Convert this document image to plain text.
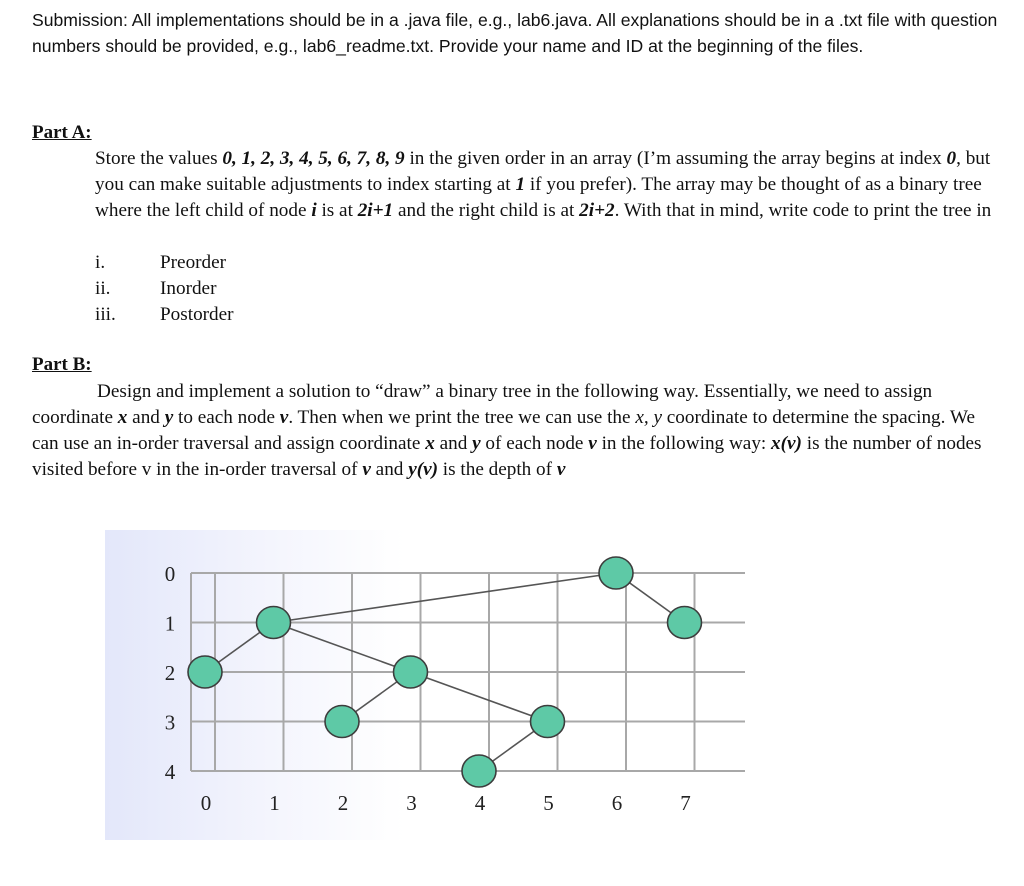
Submission: All implementations should be in a .java file, e.g., lab6.java. All explanations should be in a .txt file with question numbers should be provided, e.g., lab6_readme.txt. Provide your name and ID at the beginning of the files.

Part A:

Store the values 0, 1, 2, 3, 4, 5, 6, 7, 8, 9 in the given order in an array (I’m assuming the array begins at index 0, but you can make suitable adjustments to index starting at 1 if you prefer). The array may be thought of as a binary tree where the left child of node i is at 2i+1 and the right child is at 2i+2. With that in mind, write code to print the tree in

i.	Preorder
ii.	Inorder
iii. Postorder

Part B:

Design and implement a solution to “draw” a binary tree in the following way. Essentially, we need to assign coordinate x and y to each node v. Then when we print the tree we can use the x, y coordinate to determine the spacing. We can use an in-order traversal and assign coordinate x and y of each node v in the following way: x(v) is the number of nodes visited before v in the in-order traversal of v and y(v) is the depth of v

0
1
2
3
4
0	1	2	3	4	5	6	7
